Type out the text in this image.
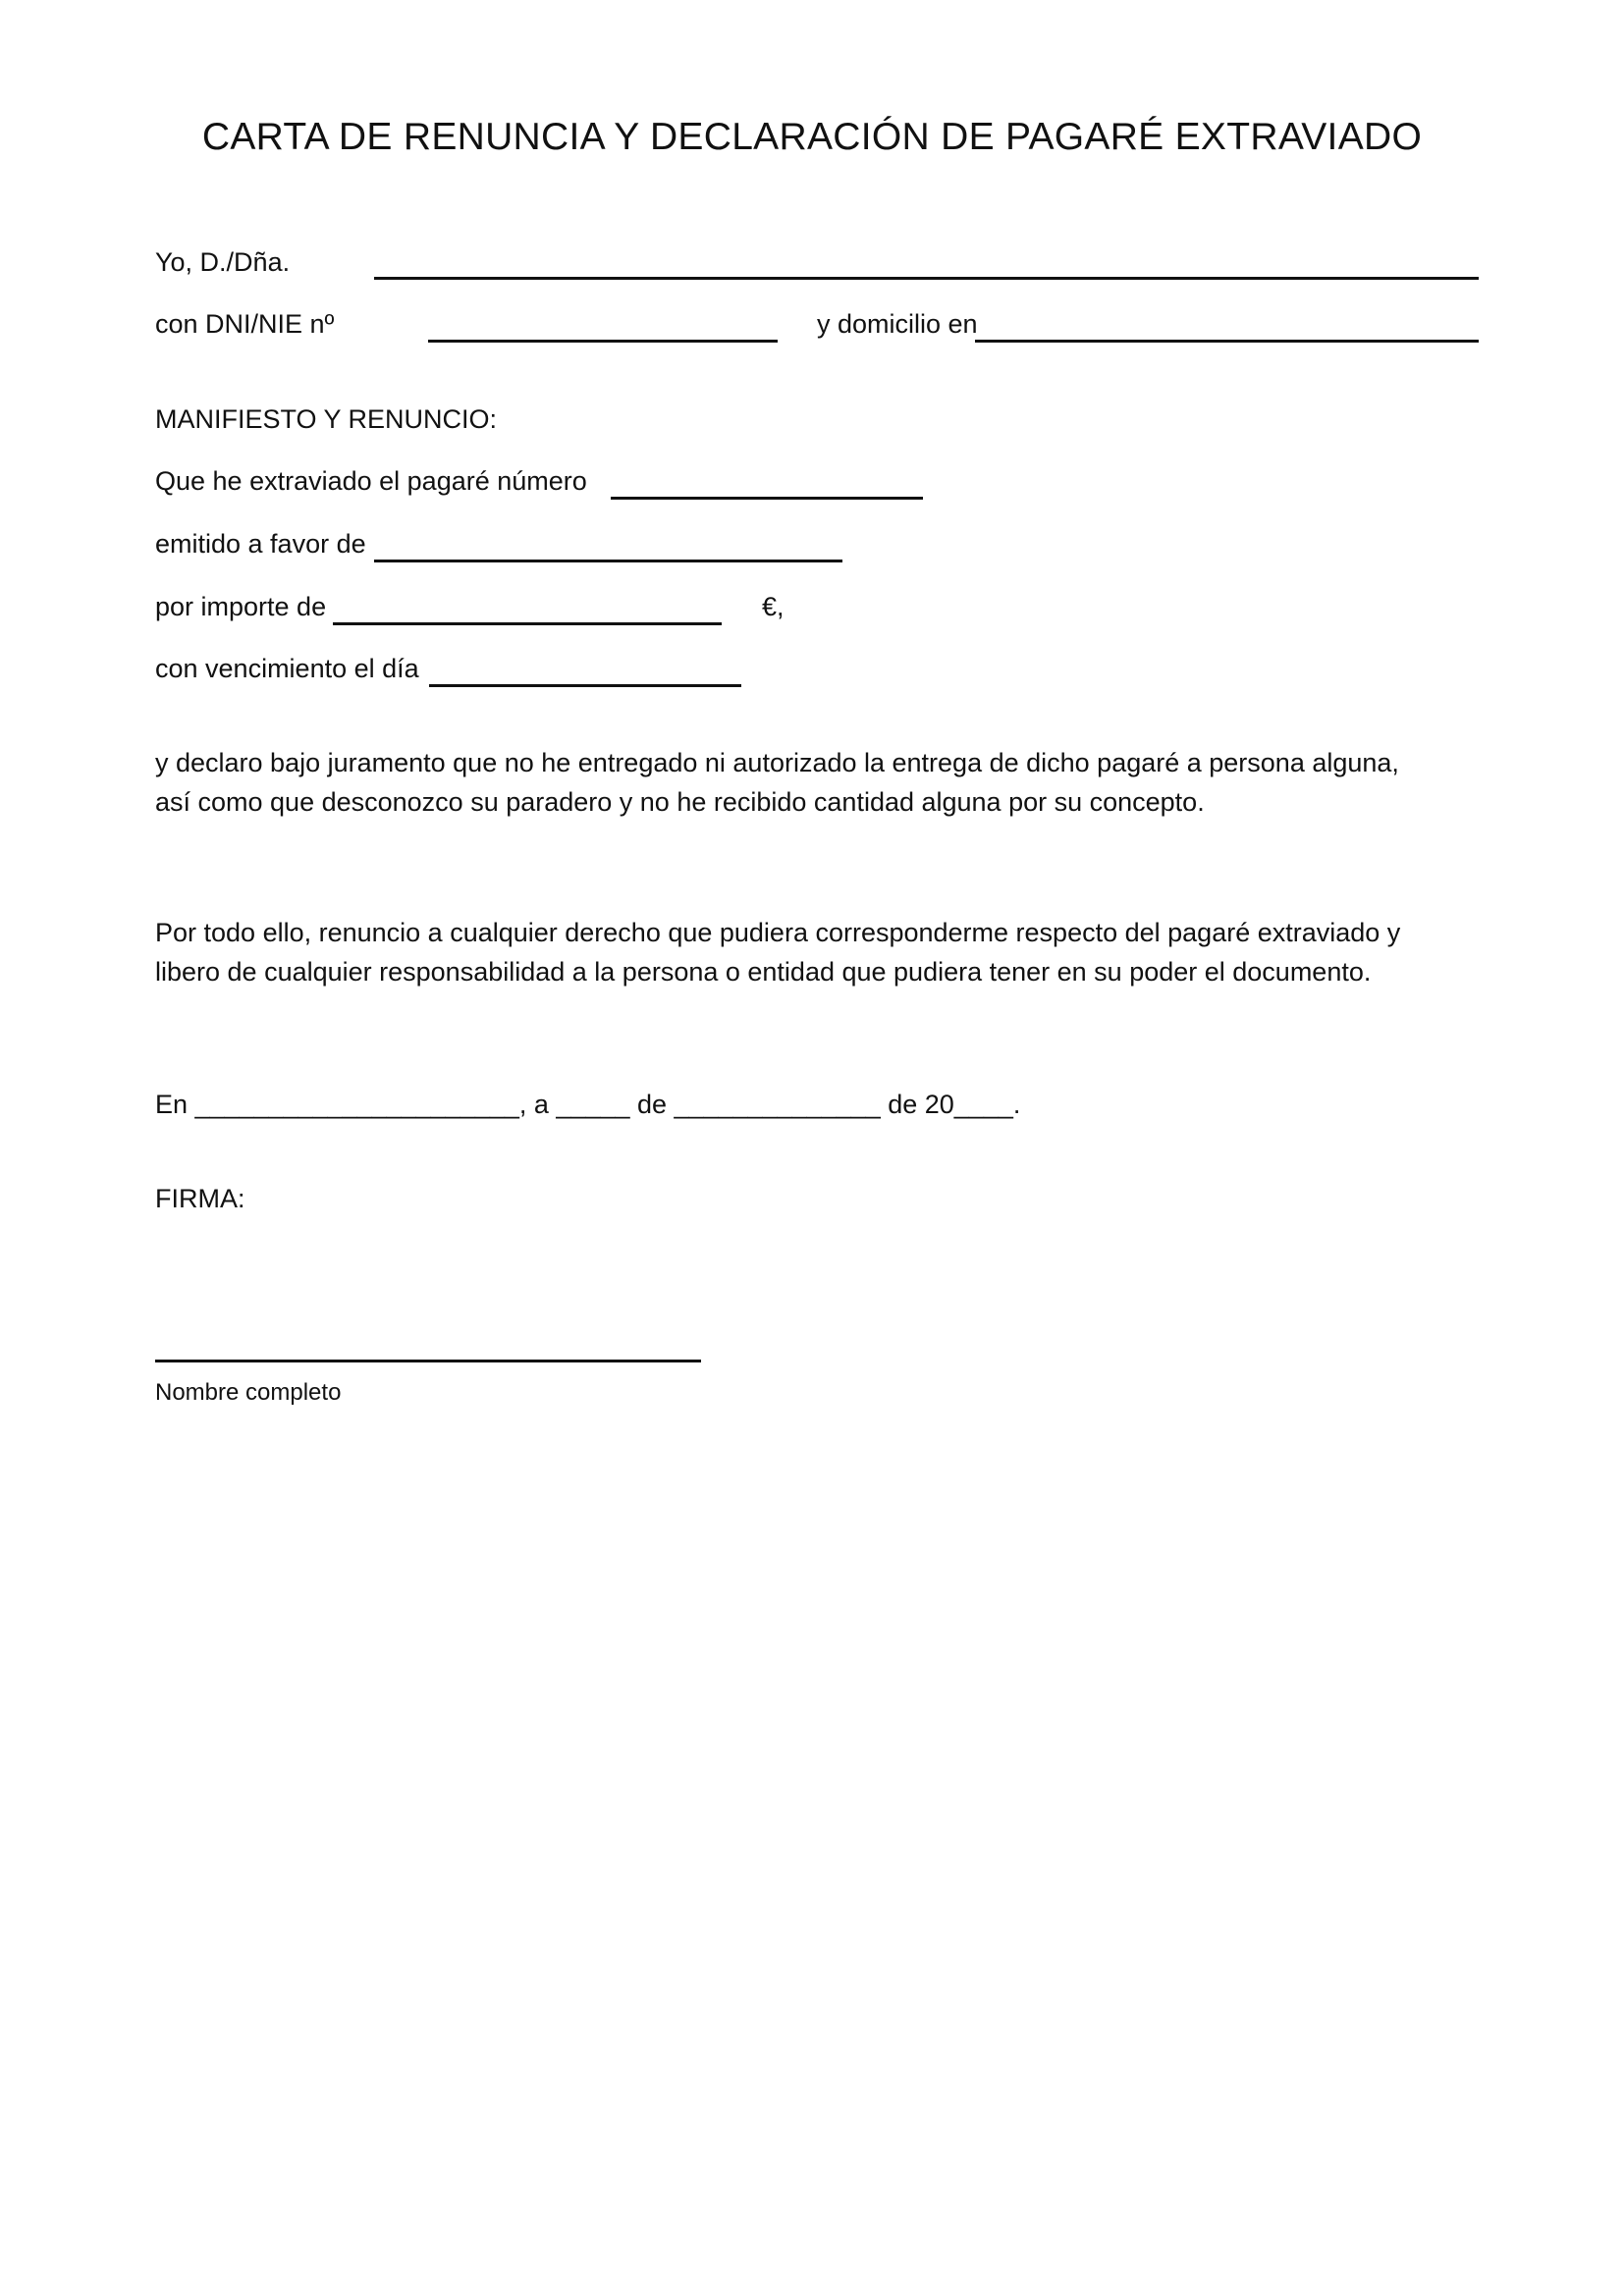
CARTA DE RENUNCIA Y DECLARACIÓN DE PAGARÉ EXTRAVIADO
Yo, D./Dña.
con DNI/NIE nº	y domicilio en
MANIFIESTO Y RENUNCIO:
Que he extraviado el pagaré número
emitido a favor de
por importe de	€,
con vencimiento el día
y declaro bajo juramento que no he entregado ni autorizado la entrega de dicho pagaré a persona alguna,
así como que desconozco su paradero y no he recibido cantidad alguna por su concepto.
Por todo ello, renuncio a cualquier derecho que pudiera corresponderme respecto del pagaré extraviado y
libero de cualquier responsabilidad a la persona o entidad que pudiera tener en su poder el documento.
En ______________________, a _____ de ______________ de 20____.
FIRMA:
Nombre completo
